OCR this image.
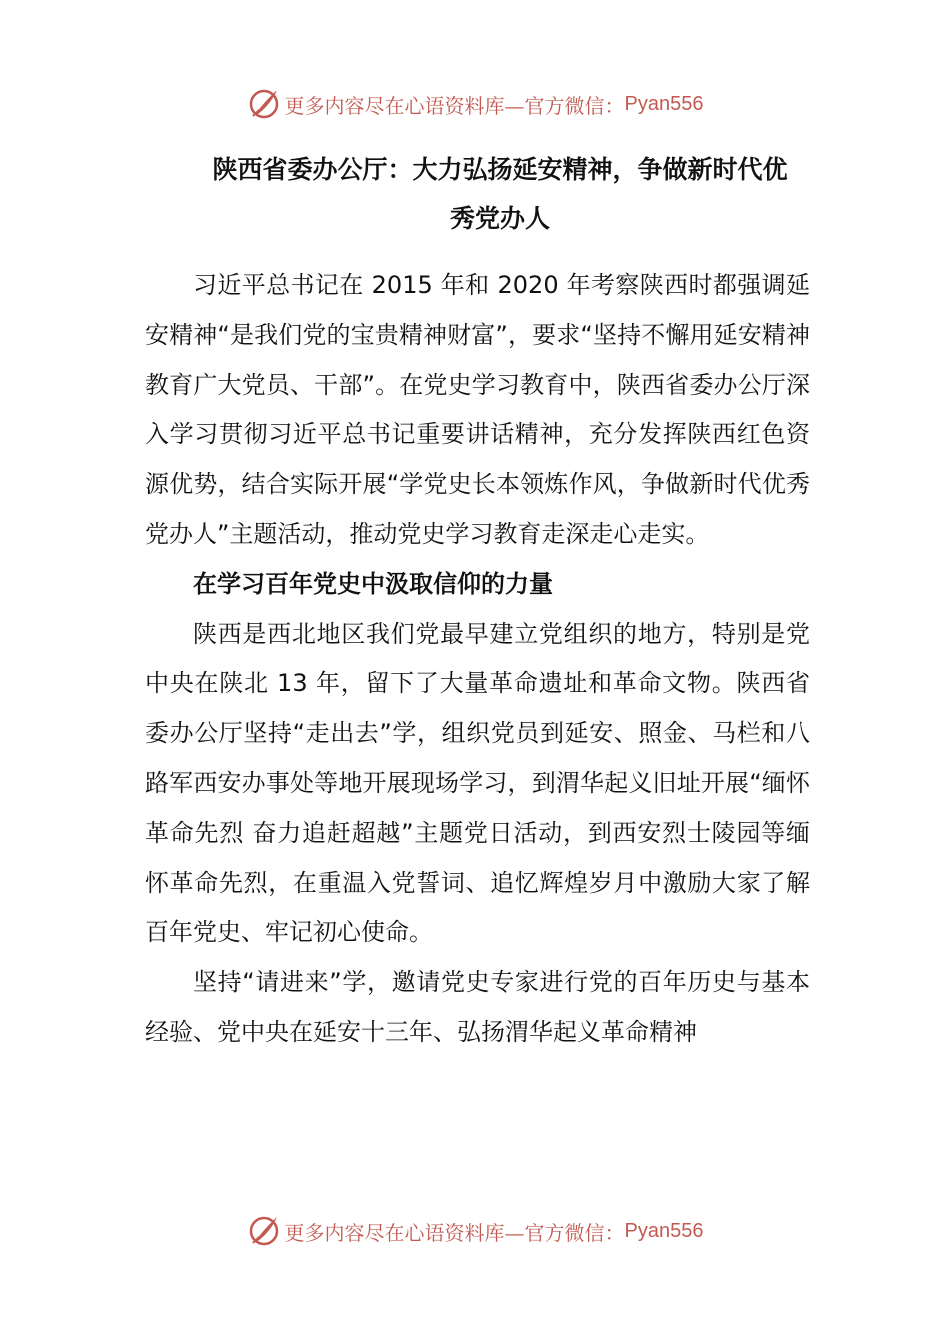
更多内容尽在心语资料库—官方微信： Pyan556
陕西省委办公厅：大力弘扬延安精神，争做新时代优
秀党办人

习近平总书记在 2015 年和 2020 年考察陕西时都强调延安精神“是我们党的宝贵精神财富”，要求“坚持不懈用延安精神教育广大党员、干部”。在党史学习教育中，陕西省委办公厅深入学习贯彻习近平总书记重要讲话精神，充分发挥陕西红色资源优势，结合实际开展“学党史长本领炼作风，争做新时代优秀党办人”主题活动，推动党史学习教育走深走心走实。

在学习百年党史中汲取信仰的力量

陕西是西北地区我们党最早建立党组织的地方，特别是党中央在陕北 13 年，留下了大量革命遗址和革命文物。陕西省委办公厅坚持“走出去”学，组织党员到延安、照金、马栏和八路军西安办事处等地开展现场学习，到渭华起义旧址开展“缅怀革命先烈 奋力追赶超越”主题党日活动，到西安烈士陵园等缅怀革命先烈，在重温入党誓词、追忆辉煌岁月中激励大家了解百年党史、牢记初心使命。

坚持“请进来”学，邀请党史专家进行党的百年历史与基本经验、党中央在延安十三年、弘扬渭华起义革命精神

更多内容尽在心语资料库—官方微信： Pyan556
